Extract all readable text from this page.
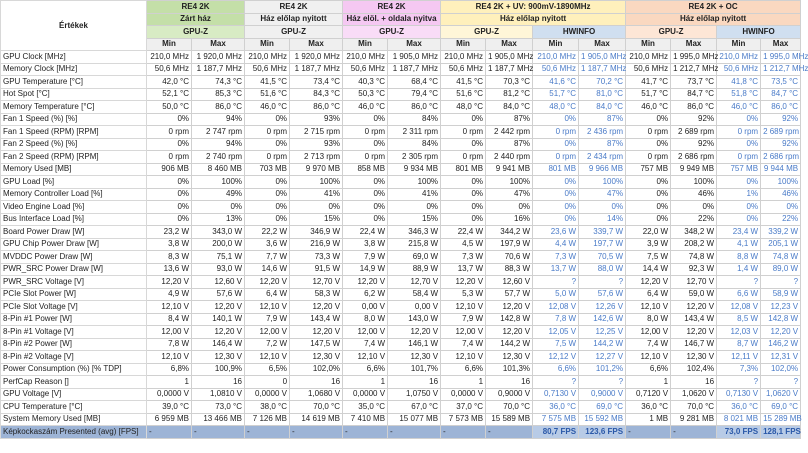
Értékek	RE4 2K		RE4 2K		RE4 2K		RE4 2K + UV: 900mV-1890MHz				RE4 2K + OC			
	Zárt ház		Ház előlap nyitott		Ház elöl. + oldala nyitva		Ház előlap nyitott				Ház előlap nyitott			
	GPU-Z		GPU-Z		GPU-Z		GPU-Z		HWINFO		GPU-Z		HWINFO	
	Min	Max	Min	Max	Min	Max	Min	Max	Min	Max	Min	Max	Min	Max
GPU Clock [MHz]	210,0 MHz	1 920,0 MHz	210,0 MHz	1 920,0 MHz	210,0 MHz	1 905,0 MHz	210,0 MHz	1 905,0 MHz	210,0 MHz	1 905,0 MHz	210,0 MHz	1 995,0 MHz	210,0 MHz	1 995,0 MHz
Memory Clock [MHz]	50,6 MHz	1 187,7 MHz	50,6 MHz	1 187,7 MHz	50,6 MHz	1 187,7 MHz	50,6 MHz	1 187,7 MHz	50,6 MHz	1 187,7 MHz	50,6 MHz	1 212,7 MHz	50,6 MHz	1 212,7 MHz
GPU Temperature [°C]	42,0 °C	74,3 °C	41,5 °C	73,4 °C	40,3 °C	68,4 °C	41,5 °C	70,3 °C	41,6 °C	70,2 °C	41,7 °C	73,7 °C	41,8 °C	73,5 °C
Hot Spot [°C]	52,1 °C	85,3 °C	51,6 °C	84,3 °C	50,3 °C	79,4 °C	51,6 °C	81,2 °C	51,7 °C	81,0 °C	51,7 °C	84,7 °C	51,8 °C	84,7 °C
Memory Temperature [°C]	50,0 °C	86,0 °C	46,0 °C	86,0 °C	46,0 °C	86,0 °C	48,0 °C	84,0 °C	48,0 °C	84,0 °C	46,0 °C	86,0 °C	46,0 °C	86,0 °C
Fan 1 Speed (%) [%]	0%	94%	0%	93%	0%	84%	0%	87%	0%	87%	0%	92%	0%	92%
Fan 1 Speed (RPM) [RPM]	0 rpm	2 747 rpm	0 rpm	2 715 rpm	0 rpm	2 311 rpm	0 rpm	2 442 rpm	0 rpm	2 436 rpm	0 rpm	2 689 rpm	0 rpm	2 689 rpm
Fan 2 Speed (%) [%]	0%	94%	0%	93%	0%	84%	0%	87%	0%	87%	0%	92%	0%	92%
Fan 2 Speed (RPM) [RPM]	0 rpm	2 740 rpm	0 rpm	2 713 rpm	0 rpm	2 305 rpm	0 rpm	2 440 rpm	0 rpm	2 434 rpm	0 rpm	2 686 rpm	0 rpm	2 686 rpm
Memory Used [MB]	906 MB	8 460 MB	703 MB	9 970 MB	858 MB	9 934 MB	801 MB	9 941 MB	801 MB	9 966 MB	757 MB	9 949 MB	757 MB	9 944 MB
GPU Load [%]	0%	100%	0%	100%	0%	100%	0%	100%	0%	100%	0%	100%	0%	100%
Memory Controller Load [%]	0%	49%	0%	41%	0%	41%	0%	47%	0%	47%	0%	46%	1%	46%
Video Engine Load [%]	0%	0%	0%	0%	0%	0%	0%	0%	0%	0%	0%	0%	0%	0%
Bus Interface Load [%]	0%	13%	0%	15%	0%	15%	0%	16%	0%	14%	0%	22%	0%	22%
Board Power Draw [W]	23,2 W	343,0 W	22,2 W	346,9 W	22,4 W	346,3 W	22,4 W	344,2 W	23,6 W	339,7 W	22,0 W	348,2 W	23,4 W	339,2 W
GPU Chip Power Draw [W]	3,8 W	200,0 W	3,6 W	216,9 W	3,8 W	215,8 W	4,5 W	197,9 W	4,4 W	197,7 W	3,9 W	208,2 W	4,1 W	205,1 W
MVDDC Power Draw [W]	8,3 W	75,1 W	7,7 W	73,3 W	7,9 W	69,0 W	7,3 W	70,6 W	7,3 W	70,5 W	7,5 W	74,8 W	8,8 W	74,8 W
PWR_SRC Power Draw [W]	13,6 W	93,0 W	14,6 W	91,5 W	14,9 W	88,9 W	13,7 W	88,3 W	13,7 W	88,0 W	14,4 W	92,3 W	1,4 W	89,0 W
PWR_SRC Voltage [V]	12,20 V	12,60 V	12,20 V	12,70 V	12,20 V	12,70 V	12,20 V	12,60 V	?	?	12,20 V	12,70 V	?	?
PCIe Slot Power [W]	4,9 W	57,6 W	6,4 W	58,3 W	6,2 W	58,4 W	5,3 W	57,7 W	5,0 W	57,6 W	6,4 W	59,0 W	6,6 W	58,9 W
PCIe Slot Voltage [V]	12,10 V	12,20 V	12,10 V	12,20 V	0,00 V	0,00 V	12,10 V	12,20 V	12,08 V	12,26 V	12,10 V	12,20 V	12,08 V	12,23 V
8-Pin #1 Power [W]	8,4 W	140,1 W	7,9 W	143,4 W	8,0 W	143,0 W	7,9 W	142,8 W	7,8 W	142,6 W	8,0 W	143,4 W	8,5 W	142,8 W
8-Pin #1 Voltage [V]	12,00 V	12,20 V	12,00 V	12,20 V	12,00 V	12,20 V	12,00 V	12,20 V	12,05 V	12,25 V	12,00 V	12,20 V	12,03 V	12,20 V
8-Pin #2 Power [W]	7,8 W	146,4 W	7,2 W	147,5 W	7,4 W	146,1 W	7,4 W	144,2 W	7,5 W	144,2 W	7,4 W	146,7 W	8,7 W	146,2 W
8-Pin #2 Voltage [V]	12,10 V	12,30 V	12,10 V	12,30 V	12,10 V	12,30 V	12,10 V	12,30 V	12,12 V	12,27 V	12,10 V	12,30 V	12,11 V	12,31 V
Power Consumption (%) [% TDP]	6,8%	100,9%	6,5%	102,0%	6,6%	101,7%	6,6%	101,3%	6,6%	101,2%	6,6%	102,4%	7,3%	102,0%
PerfCap Reason []	1	16	0	16	1	16	1	16	?	?	1	16	?	?
GPU Voltage [V]	0,0000 V	1,0810 V	0,0000 V	1,0680 V	0,0000 V	1,0750 V	0,0000 V	0,9000 V	0,7130 V	0,9000 V	0,7120 V	1,0620 V	0,7130 V	1,0620 V
CPU Temperature [°C]	39,0 °C	73,0 °C	38,0 °C	70,0 °C	35,0 °C	67,0 °C	37,0 °C	70,0 °C	36,0 °C	69,0 °C	36,0 °C	70,0 °C	36,0 °C	69,0 °C
System Memory Used [MB]	6 959 MB	13 466 MB	7 126 MB	14 619 MB	7 410 MB	15 077 MB	7 573 MB	15 589 MB	7 575 MB	15 592 MB	1 MB	9 281 MB	8 021 MB	15 289 MB
Képkockaszám Presented (avg) [FPS]	-	-	-	-	-	-	-	-	80,7 FPS	123,6 FPS	-	-	73,0 FPS	128,1 FPS
